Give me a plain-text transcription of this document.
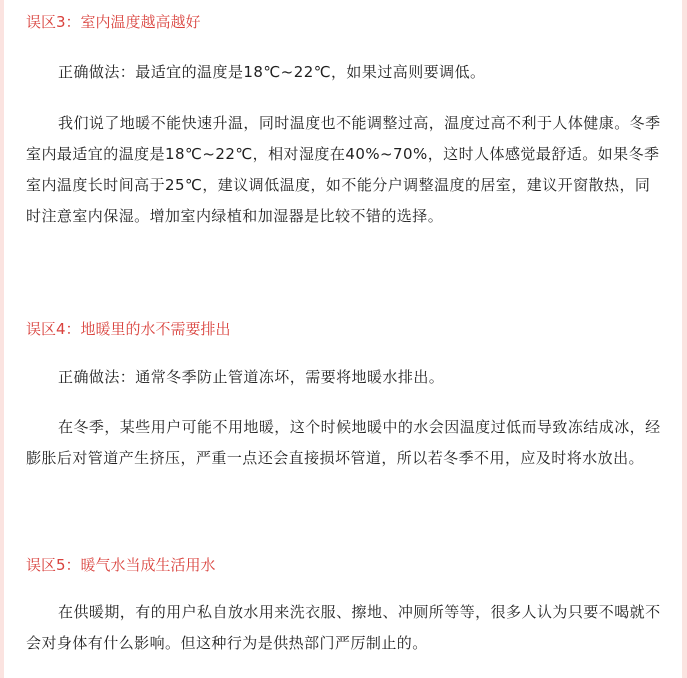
误区3：室内温度越高越好

正确做法：最适宜的温度是18℃~22℃，如果过高则要调低。

我们说了地暖不能快速升温，同时温度也不能调整过高，温度过高不利于人体健康。冬季室内最适宜的温度是18℃~22℃，相对湿度在40%~70%，这时人体感觉最舒适。如果冬季室内温度长时间高于25℃，建议调低温度，如不能分户调整温度的居室，建议开窗散热，同时注意室内保湿。增加室内绿植和加湿器是比较不错的选择。

误区4：地暖里的水不需要排出

正确做法：通常冬季防止管道冻坏，需要将地暖水排出。

在冬季，某些用户可能不用地暖，这个时候地暖中的水会因温度过低而导致冻结成冰，经膨胀后对管道产生挤压，严重一点还会直接损坏管道，所以若冬季不用，应及时将水放出。

误区5：暖气水当成生活用水

在供暖期，有的用户私自放水用来洗衣服、擦地、冲厕所等等，很多人认为只要不喝就不会对身体有什么影响。但这种行为是供热部门严厉制止的。
